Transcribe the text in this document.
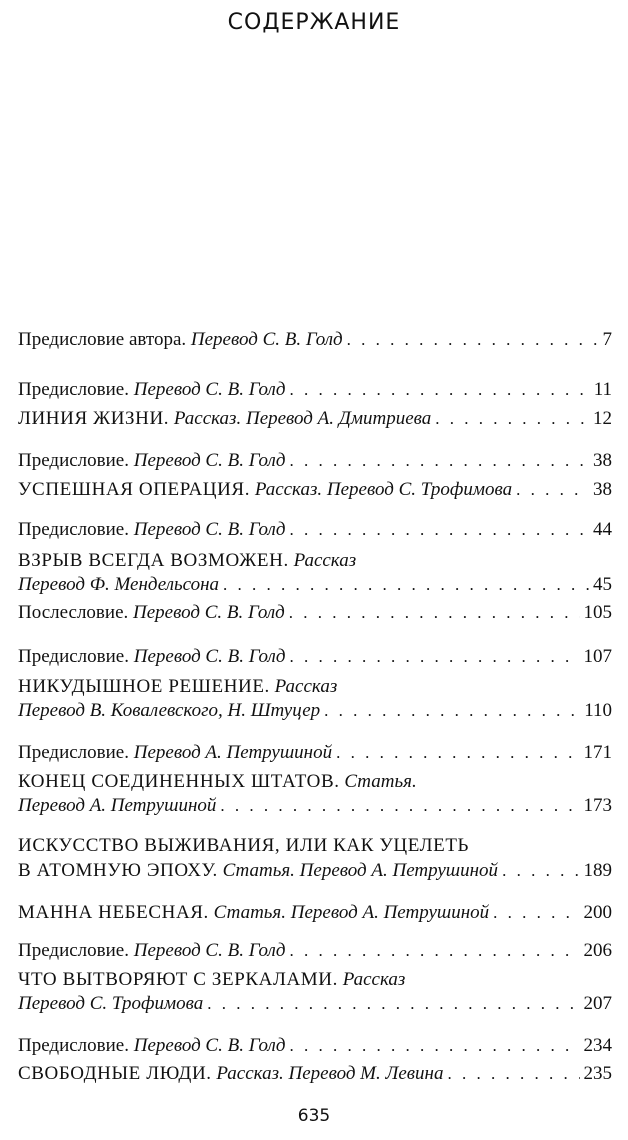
СОДЕРЖАНИЕ
Предисловие автора. Перевод С. В. Голд . . .	7
Предисловие. Перевод С. В. Голд . . .	11
ЛИНИЯ ЖИЗНИ.
Рассказ. Перевод А. Дмитриева . . .	12
Предисловие. Перевод С. В. Голд . . .	38
УСПЕШНАЯ ОПЕРАЦИЯ.
Рассказ. Перевод С. Трофимова . . .	38
Предисловие. Перевод С. В. Голд . . .	44
ВЗРЫВ ВСЕГДА ВОЗМОЖЕН.
Рассказ
Перевод Ф. Мендельсона . . .	45
Послесловие. Перевод С. В. Голд . . .	105
Предисловие. Перевод С. В. Голд . . .	107
НИКУДЫШНОЕ РЕШЕНИЕ.
Рассказ
Перевод В. Ковалевского, Н. Штуцер . . .	110
Предисловие. Перевод А. Петрушиной . . .	171
КОНЕЦ СОЕДИНЕННЫХ ШТАТОВ.
Статья.
Перевод А. Петрушиной . . .	173
ИСКУССТВО ВЫЖИВАНИЯ, ИЛИ КАК УЦЕЛЕТЬ
В АТОМНУЮ ЭПОХУ.
Статья. Перевод А. Петрушиной . . .	189
МАННА НЕБЕСНАЯ.
Статья. Перевод А. Петрушиной . . .	200
Предисловие. Перевод С. В. Голд . . .	206
ЧТО ВЫТВОРЯЮТ С ЗЕРКАЛАМИ.
Рассказ
Перевод С. Трофимова . . .	207
Предисловие. Перевод С. В. Голд . . .	234
СВОБОДНЫЕ ЛЮДИ.
Рассказ. Перевод М. Левина . . .	235
635
